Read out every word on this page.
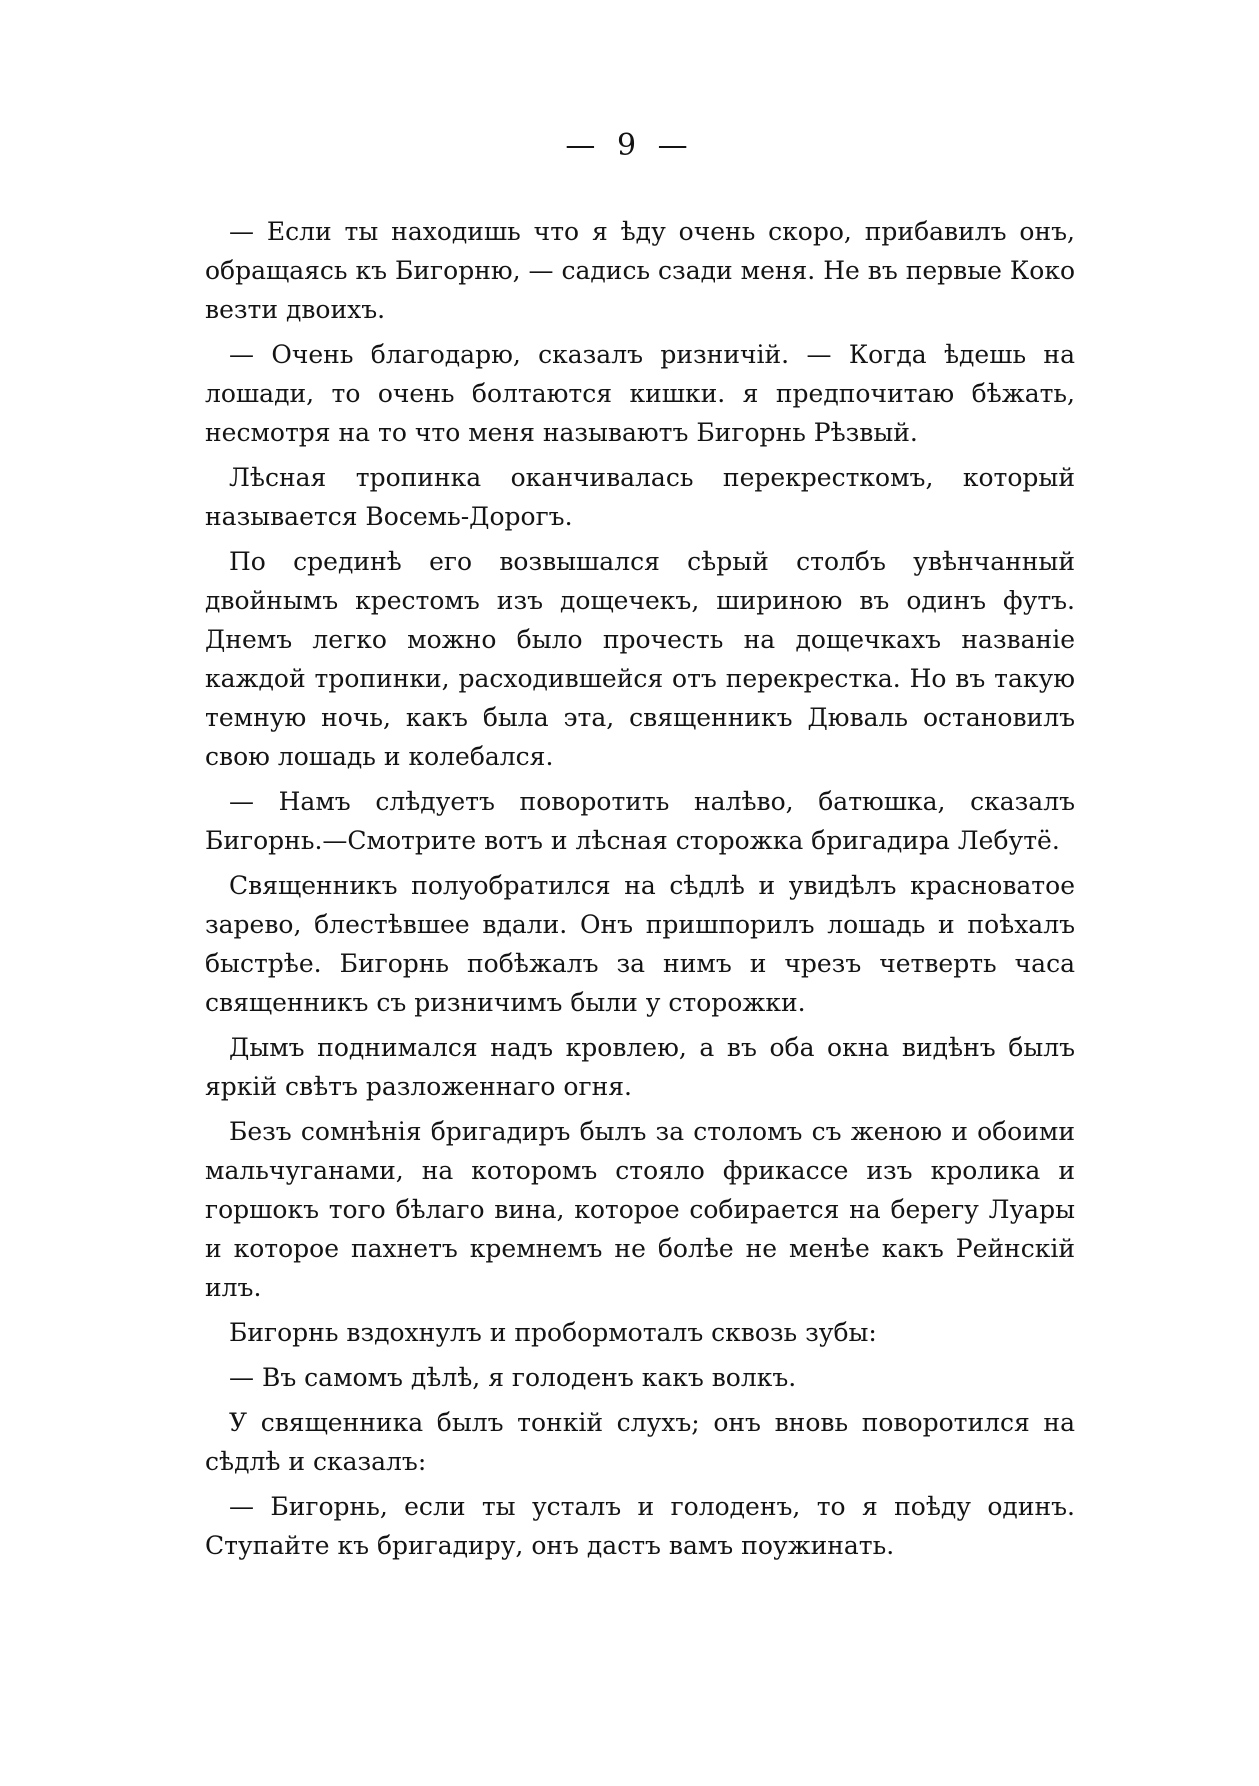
— 9 —

— Если ты находишь что я ѣду очень скоро, прибавилъ онъ, обращаясь къ Бигорню, — садись сзади меня. Не въ первые Коко везти двоихъ.

— Очень благодарю, сказалъ ризничій. — Когда ѣдешь на лошади, то очень болтаются кишки. я предпочитаю бѣжать, несмотря на то что меня называютъ Бигорнь Рѣзвый.

Лѣсная тропинка оканчивалась перекресткомъ, который называется Восемь-Дорогъ.

По срединѣ его возвышался сѣрый столбъ увѣнчанный двойнымъ крестомъ изъ дощечекъ, шириною въ одинъ футъ. Днемъ легко можно было прочесть на дощечкахъ названіе каждой тропинки, расходившейся отъ перекрестка. Но въ такую темную ночь, какъ была эта, священникъ Дюваль остановилъ свою лошадь и колебался.

— Намъ слѣдуетъ поворотить налѣво, батюшка, сказалъ Бигорнь.—Смотрите вотъ и лѣсная сторожка бригадира Лебутё.

Священникъ полуобратился на сѣдлѣ и увидѣлъ красноватое зарево, блестѣвшее вдали. Онъ пришпорилъ лошадь и поѣхалъ быстрѣе. Бигорнь побѣжалъ за нимъ и чрезъ четверть часа священникъ съ ризничимъ были у сторожки.

Дымъ поднимался надъ кровлею, а въ оба окна видѣнъ былъ яркій свѣтъ разложеннаго огня.

Безъ сомнѣнія бригадиръ былъ за столомъ съ женою и обоими мальчуганами, на которомъ стояло фрикассе изъ кролика и горшокъ того бѣлаго вина, которое собирается на берегу Луары и которое пахнетъ кремнемъ не болѣе не менѣе какъ Рейнскій илъ.

Бигорнь вздохнулъ и пробормоталъ сквозь зубы:

— Въ самомъ дѣлѣ, я голоденъ какъ волкъ.

У священника былъ тонкій слухъ; онъ вновь поворотился на сѣдлѣ и сказалъ:

— Бигорнь, если ты усталъ и голоденъ, то я поѣду одинъ. Ступайте къ бригадиру, онъ дастъ вамъ поужинать.
